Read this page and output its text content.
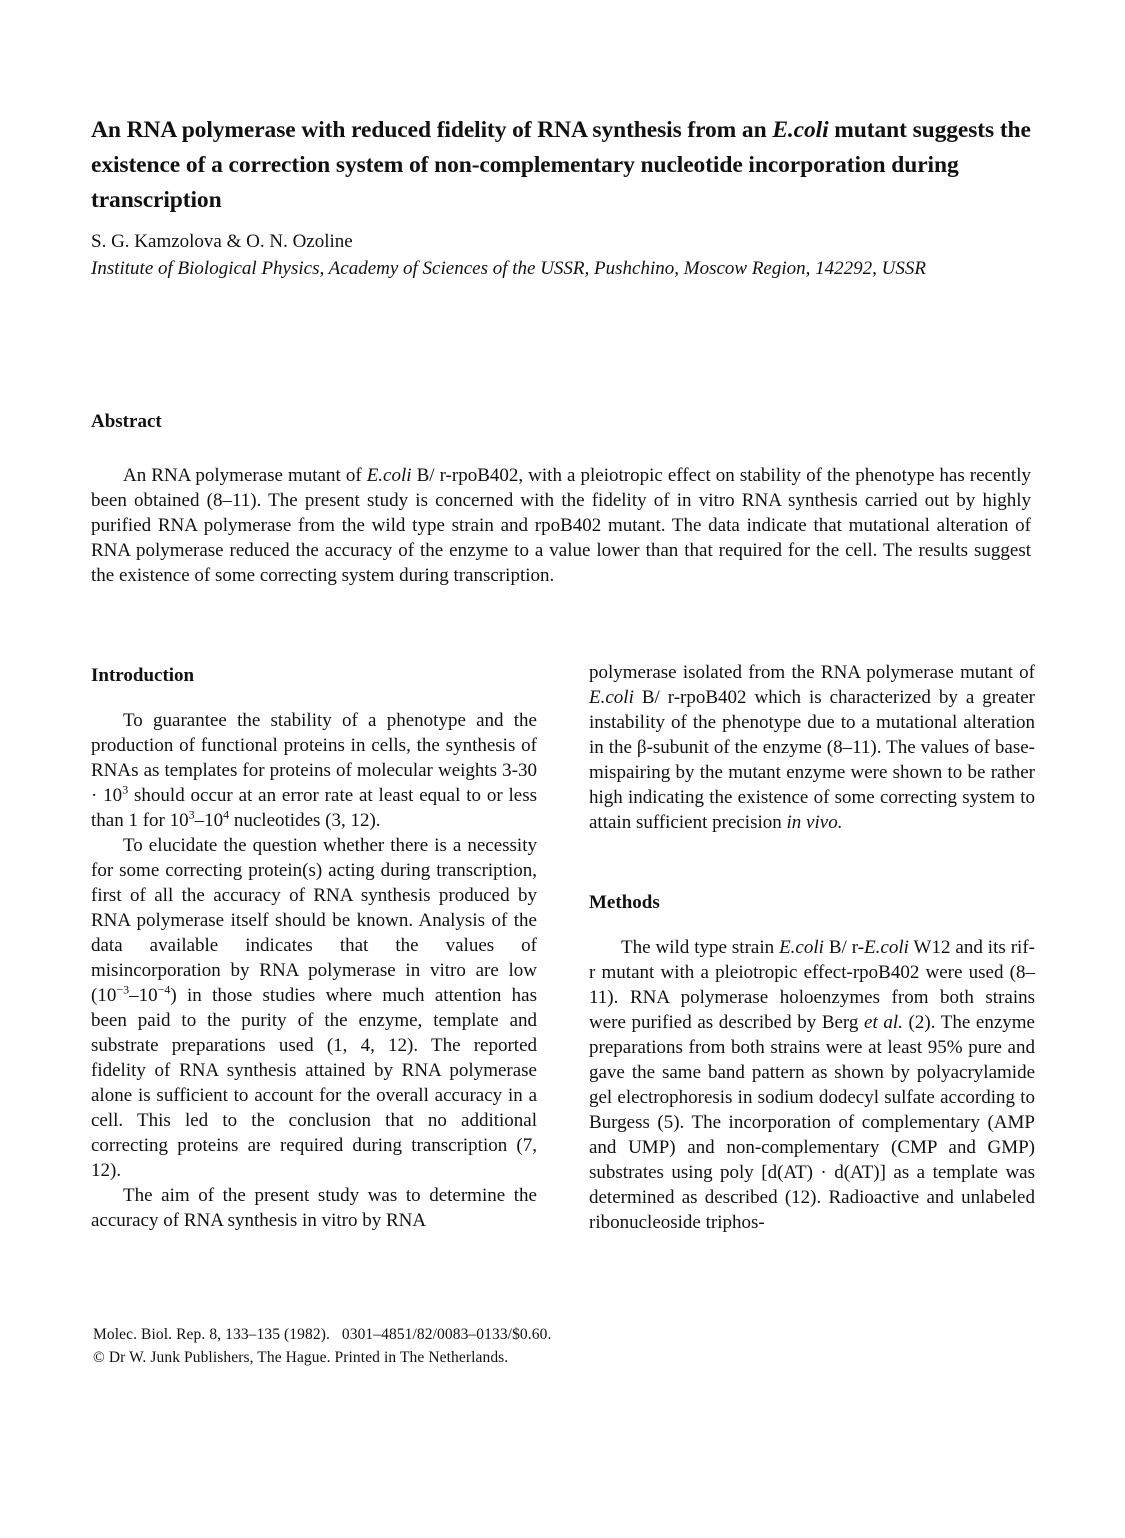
An RNA polymerase with reduced fidelity of RNA synthesis from an E.coli mutant suggests the existence of a correction system of non-complementary nucleotide incorporation during transcription
S. G. Kamzolova & O. N. Ozoline
Institute of Biological Physics, Academy of Sciences of the USSR, Pushchino, Moscow Region, 142292, USSR
Abstract

An RNA polymerase mutant of E.coli B/ r-rpoB402, with a pleiotropic effect on stability of the phenotype has recently been obtained (8–11). The present study is concerned with the fidelity of in vitro RNA synthesis carried out by highly purified RNA polymerase from the wild type strain and rpoB402 mutant. The data indicate that mutational alteration of RNA polymerase reduced the accuracy of the enzyme to a value lower than that required for the cell. The results suggest the existence of some correcting system during transcription.

Introduction

To guarantee the stability of a phenotype and the production of functional proteins in cells, the synthesis of RNAs as templates for proteins of molecular weights $3-30 \cdot 10^3$ should occur at an error rate at least equal to or less than 1 for $10^3-10^4$ nucleotides (3, 12).

To elucidate the question whether there is a necessity for some correcting protein(s) acting during transcription, first of all the accuracy of RNA synthesis produced by RNA polymerase itself should be known. Analysis of the data available indicates that the values of misincorporation by RNA polymerase in vitro are low $(10^{-3}-10^{-4})$ in those studies where much attention has been paid to the purity of the enzyme, template and substrate preparations used (1, 4, 12). The reported fidelity of RNA synthesis attained by RNA polymerase alone is sufficient to account for the overall accuracy in a cell. This led to the conclusion that no additional correcting proteins are required during transcription (7, 12).

The aim of the present study was to determine the accuracy of RNA synthesis in vitro by RNA

polymerase isolated from the RNA polymerase mutant of E.coli B/ r-rpoB402 which is characterized by a greater instability of the phenotype due to a mutational alteration in the β-subunit of the enzyme (8–11). The values of base-mispairing by the mutant enzyme were shown to be rather high indicating the existence of some correcting system to attain sufficient precision in vivo.

Methods

The wild type strain E.coli B/ r-E.coli W12 and its rif-r mutant with a pleiotropic effect-rpoB402 were used (8–11). RNA polymerase holoenzymes from both strains were purified as described by Berg et al. (2). The enzyme preparations from both strains were at least 95% pure and gave the same band pattern as shown by polyacrylamide gel electrophoresis in sodium dodecyl sulfate according to Burgess (5). The incorporation of complementary (AMP and UMP) and non-complementary (CMP and GMP) substrates using poly [d(AT) · d(AT)] as a template was determined as described (12). Radioactive and unlabeled ribonucleoside triphos-

Molec. Biol. Rep. 8, 133–135 (1982).   0301–4851/82/0083–0133/$0.60.
© Dr W. Junk Publishers, The Hague. Printed in The Netherlands.
